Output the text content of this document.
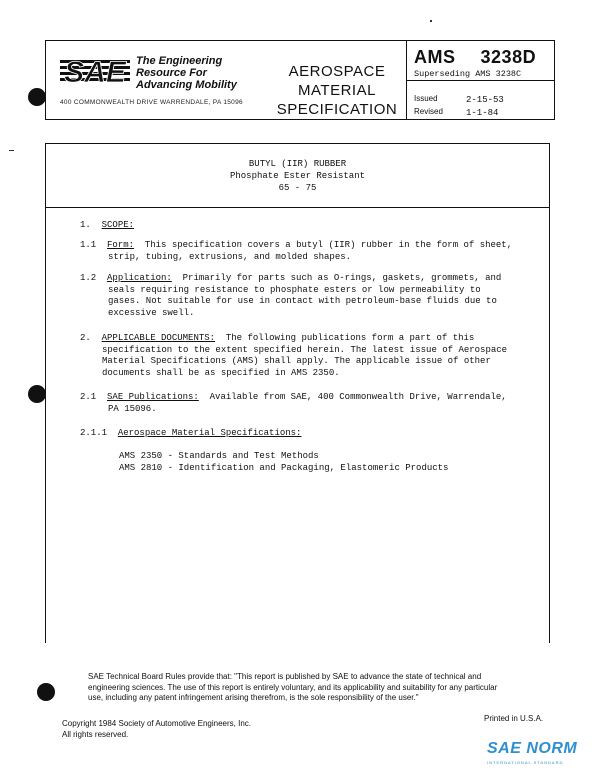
SAE The Engineering
Resource For
Advancing Mobility
400 COMMONWEALTH DRIVE WARRENDALE, PA 15096
AEROSPACE
MATERIAL
SPECIFICATION
AMS 3238D
Superseding AMS 3238C
Issued	2-15-53
Revised	1-1-84
BUTYL (IIR) RUBBER
Phosphate Ester Resistant
65 - 75
1. SCOPE:
1.1 Form: This specification covers a butyl (IIR) rubber in the form of sheet,
strip, tubing, extrusions, and molded shapes.
1.2 Application: Primarily for parts such as O-rings, gaskets, grommets, and
seals requiring resistance to phosphate esters or low permeability to
gases. Not suitable for use in contact with petroleum-base fluids due to
excessive swell.
2. APPLICABLE DOCUMENTS: The following publications form a part of this
specification to the extent specified herein. The latest issue of Aerospace
Material Specifications (AMS) shall apply. The applicable issue of other
documents shall be as specified in AMS 2350.
2.1 SAE Publications: Available from SAE, 400 Commonwealth Drive, Warrendale,
PA 15096.
2.1.1 Aerospace Material Specifications:
AMS 2350 - Standards and Test Methods
AMS 2810 - Identification and Packaging, Elastomeric Products
SAE Technical Board Rules provide that: "This report is published by SAE to advance the state of technical and
engineering sciences. The use of this report is entirely voluntary, and its applicability and suitability for any particular
use, including any patent infringement arising therefrom, is the sole responsibility of the user."
Copyright 1984 Society of Automotive Engineers, Inc.
All rights reserved.
Printed in U.S.A.
SAE NORM
INTERNATIONAL STANDARD
